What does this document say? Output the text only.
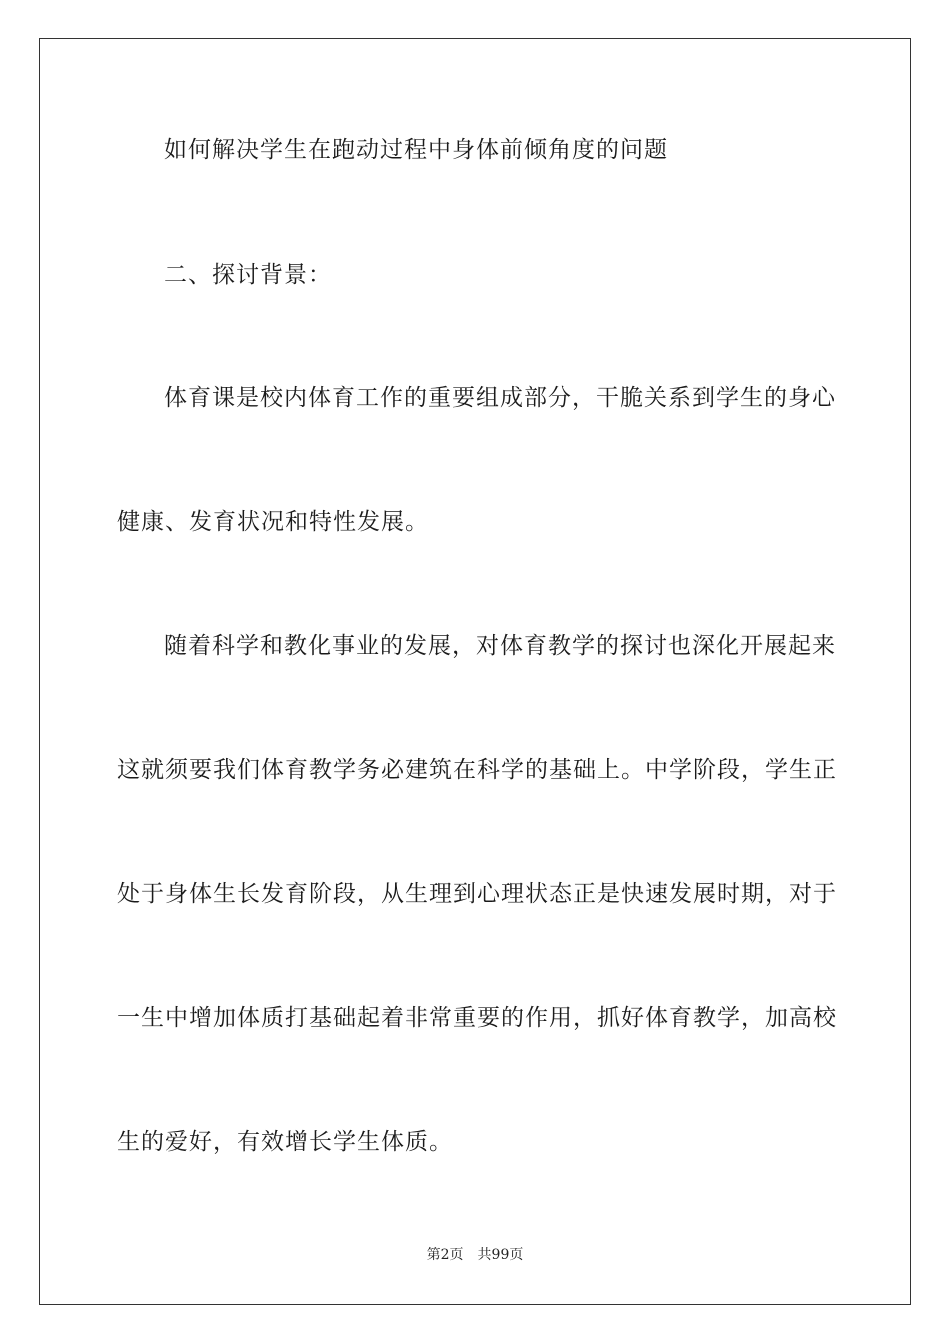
如何解决学生在跑动过程中身体前倾角度的问题
二、探讨背景：
体育课是校内体育工作的重要组成部分，干脆关系到学生的身心
健康、发育状况和特性发展。
随着科学和教化事业的发展，对体育教学的探讨也深化开展起来
这就须要我们体育教学务必建筑在科学的基础上。中学阶段，学生正
处于身体生长发育阶段，从生理到心理状态正是快速发展时期，对于
一生中增加体质打基础起着非常重要的作用，抓好体育教学，加高校
生的爱好，有效增长学生体质。
第2页 共99页
